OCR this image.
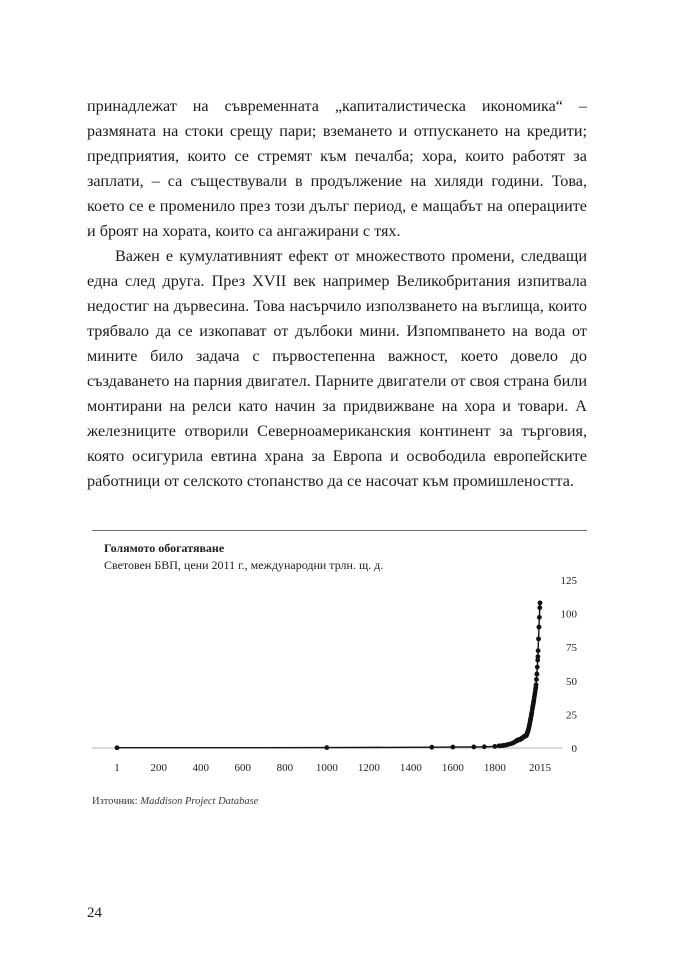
принадлежат на съвременната „капиталистическа икономика“ – размяната на стоки срещу пари; вземането и отпускането на кредити; предприятия, които се стремят към печалба; хора, които работят за заплати, – са съществували в продължение на хиляди години. Това, което се е променило през този дълъг период, е мащабът на операциите и броят на хората, които са ангажирани с тях.

Важен е кумулативният ефект от множеството промени, следващи една след друга. През XVII век например Великобритания изпитвала недостиг на дървесина. Това насърчило използването на въглища, които трябвало да се изкопават от дълбоки мини. Изпомпването на вода от мините било задача с първостепенна важност, което довело до създаването на парния двигател. Парните двигатели от своя страна били монтирани на релси като начин за придвижване на хора и товари. А железниците отворили Северноамериканския континент за търговия, която осигурила евтина храна за Европа и освободила европейските работници от селското стопанство да се насочат към промишлеността.

Голямото обогатяване

Световен БВП, цени 2011 г., международни трлн. щ. д.

0
25
50
75
100
125
1	200 400 600 800 1000 1200 1400 1600 1800 2015

Източник: Maddison Project Database

24
